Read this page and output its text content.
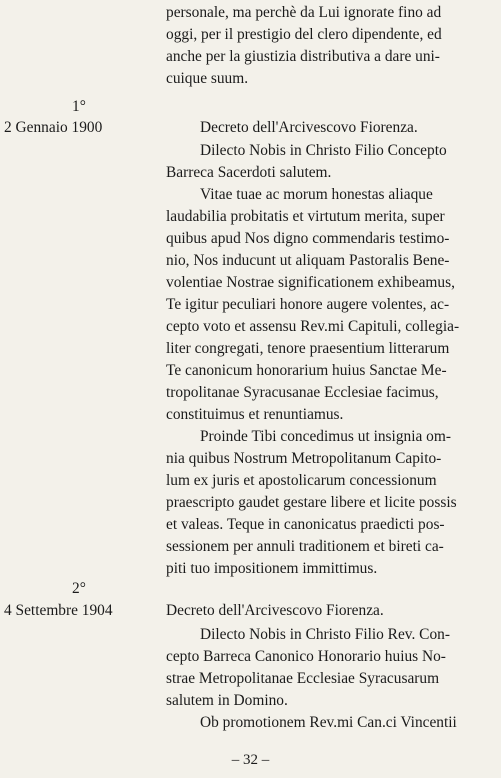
personale, ma perchè da Lui ignorate fino ad
oggi, per il prestigio del clero dipendente, ed
anche per la giustizia distributiva a dare uni-
cuique suum.
1°
2 Gennaio 1900	Decreto dell'Arcivescovo Fiorenza.
Dilecto Nobis in Christo Filio Concepto
Barreca Sacerdoti salutem.
Vitae tuae ac morum honestas aliaque
laudabilia probitatis et virtutum merita, super
quibus apud Nos digno commendaris testimo-
nio, Nos inducunt ut aliquam Pastoralis Bene-
volentiae Nostrae significationem exhibeamus,
Te igitur peculiari honore augere volentes, ac-
cepto voto et assensu Rev.mi Capituli, collegia-
liter congregati, tenore praesentium litterarum
Te canonicum honorarium huius Sanctae Me-
tropolitanae Syracusanae Ecclesiae facimus,
constituimus et renuntiamus.
Proinde Tibi concedimus ut insignia om-
nia quibus Nostrum Metropolitanum Capito-
lum ex juris et apostolicarum concessionum
praescripto gaudet gestare libere et licite possis
et valeas. Teque in canonicatus praedicti pos-
sessionem per annuli traditionem et bireti ca-
piti tuo impositionem immittimus.
2°
4 Settembre 1904	Decreto dell'Arcivescovo Fiorenza.
Dilecto Nobis in Christo Filio Rev. Con-
cepto Barreca Canonico Honorario huius No-
strae Metropolitanae Ecclesiae Syracusarum
salutem in Domino.
Ob promotionem Rev.mi Can.ci Vincentii
– 32 –
